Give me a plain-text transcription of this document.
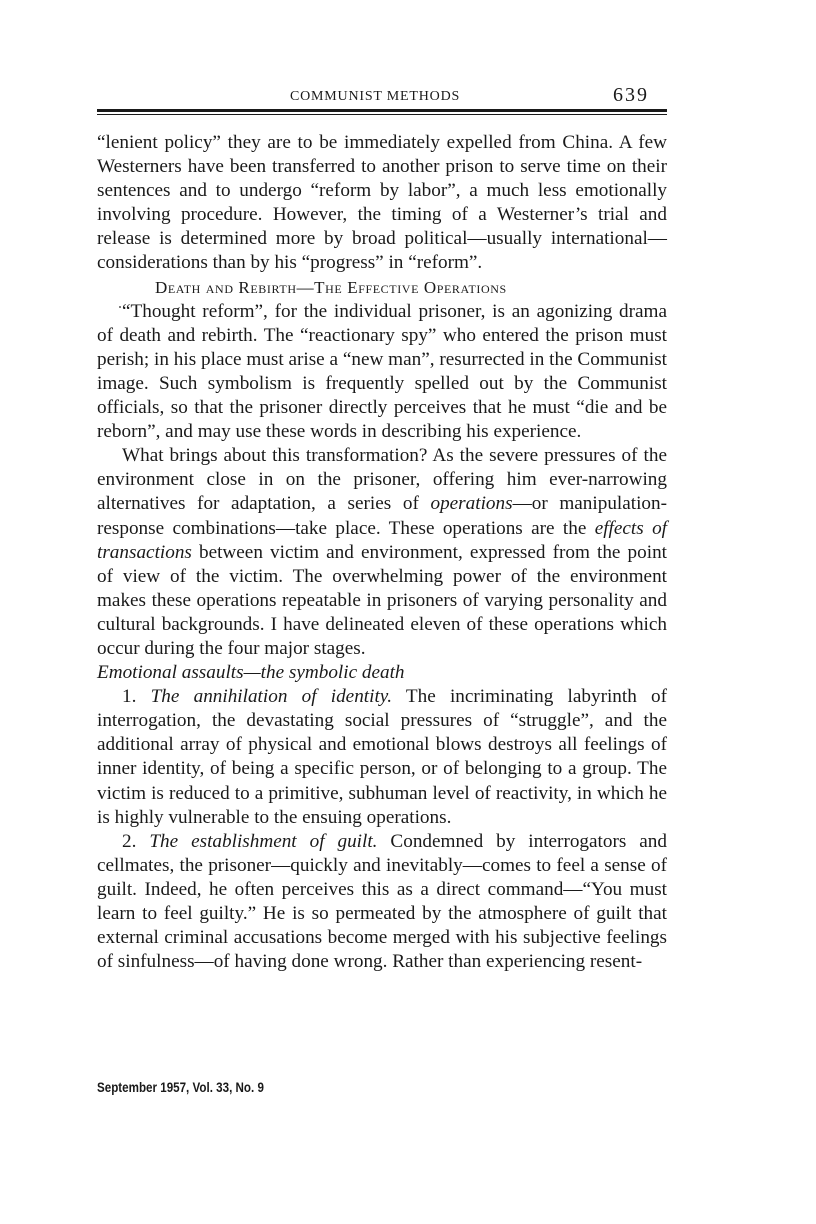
COMMUNIST METHODS	639

“lenient policy” they are to be immediately expelled from China. A few Westerners have been transferred to another prison to serve time on their sentences and to undergo “reform by labor”, a much less emotionally involving procedure. However, the timing of a Westerner’s trial and release is determined more by broad political—usually international—considerations than by his “progress” in “reform”.

Death and Rebirth—The Effective Operations

“Thought reform”, for the individual prisoner, is an agonizing drama of death and rebirth. The “reactionary spy” who entered the prison must perish; in his place must arise a “new man”, resurrected in the Communist image. Such symbolism is frequently spelled out by the Communist officials, so that the prisoner directly perceives that he must “die and be reborn”, and may use these words in describing his experience.

What brings about this transformation? As the severe pressures of the environment close in on the prisoner, offering him ever-narrowing alternatives for adaptation, a series of operations—or manipulation- response combinations—take place. These operations are the effects of transactions between victim and environment, expressed from the point of view of the victim. The overwhelming power of the environment makes these operations repeatable in prisoners of varying personality and cultural backgrounds. I have delineated eleven of these operations which occur during the four major stages.

Emotional assaults—the symbolic death

1. The annihilation of identity. The incriminating labyrinth of interrogation, the devastating social pressures of “struggle”, and the additional array of physical and emotional blows destroys all feelings of inner identity, of being a specific person, or of belonging to a group. The victim is reduced to a primitive, subhuman level of reactivity, in which he is highly vulnerable to the ensuing operations.

2. The establishment of guilt. Condemned by interrogators and cellmates, the prisoner—quickly and inevitably—comes to feel a sense of guilt. Indeed, he often perceives this as a direct command—“You must learn to feel guilty.” He is so permeated by the atmosphere of guilt that external criminal accusations become merged with his subjective feelings of sinfulness—of having done wrong. Rather than experiencing resent-

September 1957, Vol. 33, No. 9
